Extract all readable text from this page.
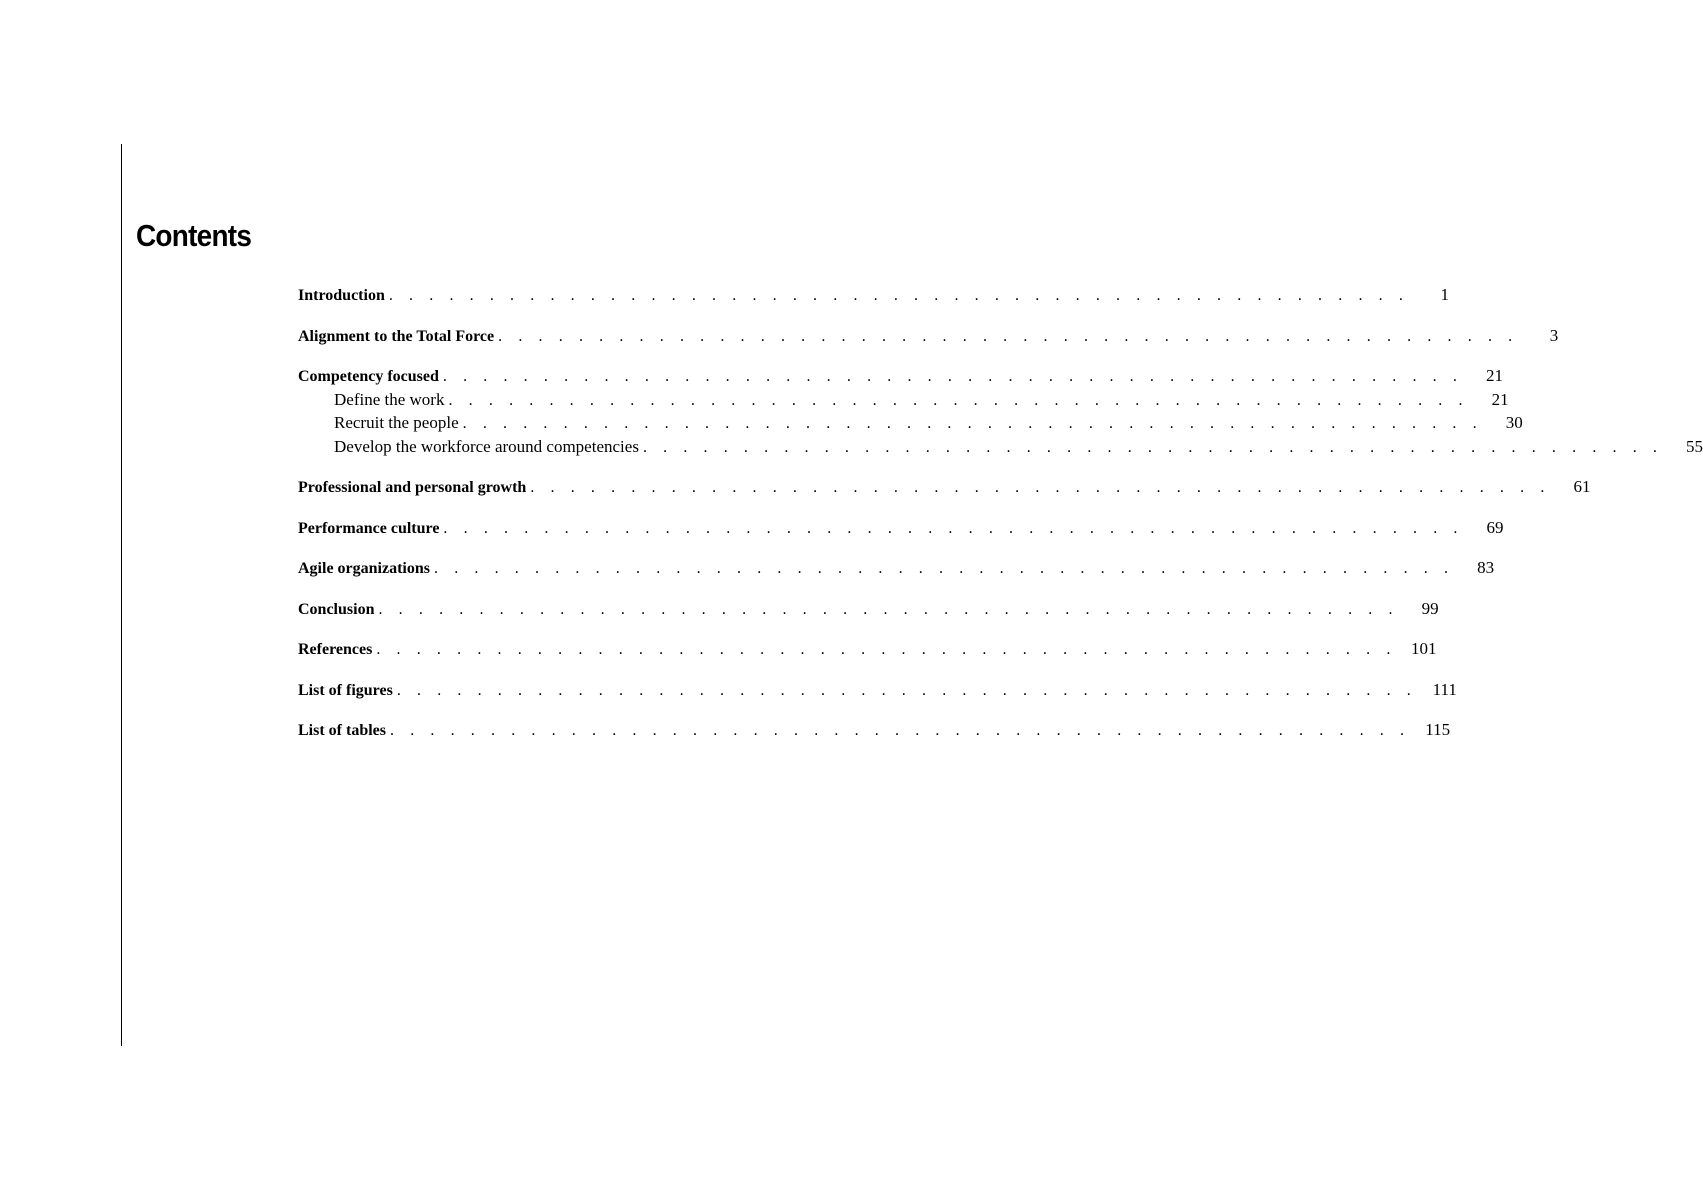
Contents
Introduction . . . . . . . . . . . . . . . . . . . . . . . . . . . . . . . . . . . . . . . . . . . . . . . . . . .	1
Alignment to the Total Force . . . . . . . . . . . . . . . . . . . . . . . . . . . . . . . . . . . . . . . . . . . . . . . . . . .	3
Competency focused . . . . . . . . . . . . . . . . . . . . . . . . . . . . . . . . . . . . . . . . . . . . . . . . . . .	21
Define the work . . . . . . . . . . . . . . . . . . . . . . . . . . . . . . . . . . . . . . . . . . . . . . . . . . .	21
Recruit the people . . . . . . . . . . . . . . . . . . . . . . . . . . . . . . . . . . . . . . . . . . . . . . . . . . .	30
Develop the workforce around competencies . . . . . . . . . . . . . . . . . . . . . . . . . . . . . . . . . . . . . . . . . . . . . . . . . . .	55
Professional and personal growth . . . . . . . . . . . . . . . . . . . . . . . . . . . . . . . . . . . . . . . . . . . . . . . . . . .	61
Performance culture . . . . . . . . . . . . . . . . . . . . . . . . . . . . . . . . . . . . . . . . . . . . . . . . . . .	69
Agile organizations . . . . . . . . . . . . . . . . . . . . . . . . . . . . . . . . . . . . . . . . . . . . . . . . . . .	83
Conclusion . . . . . . . . . . . . . . . . . . . . . . . . . . . . . . . . . . . . . . . . . . . . . . . . . . .	99
References . . . . . . . . . . . . . . . . . . . . . . . . . . . . . . . . . . . . . . . . . . . . . . . . . . . 101
List of figures . . . . . . . . . . . . . . . . . . . . . . . . . . . . . . . . . . . . . . . . . . . . . . . . . . . 111
List of tables . . . . . . . . . . . . . . . . . . . . . . . . . . . . . . . . . . . . . . . . . . . . . . . . . . . 115
